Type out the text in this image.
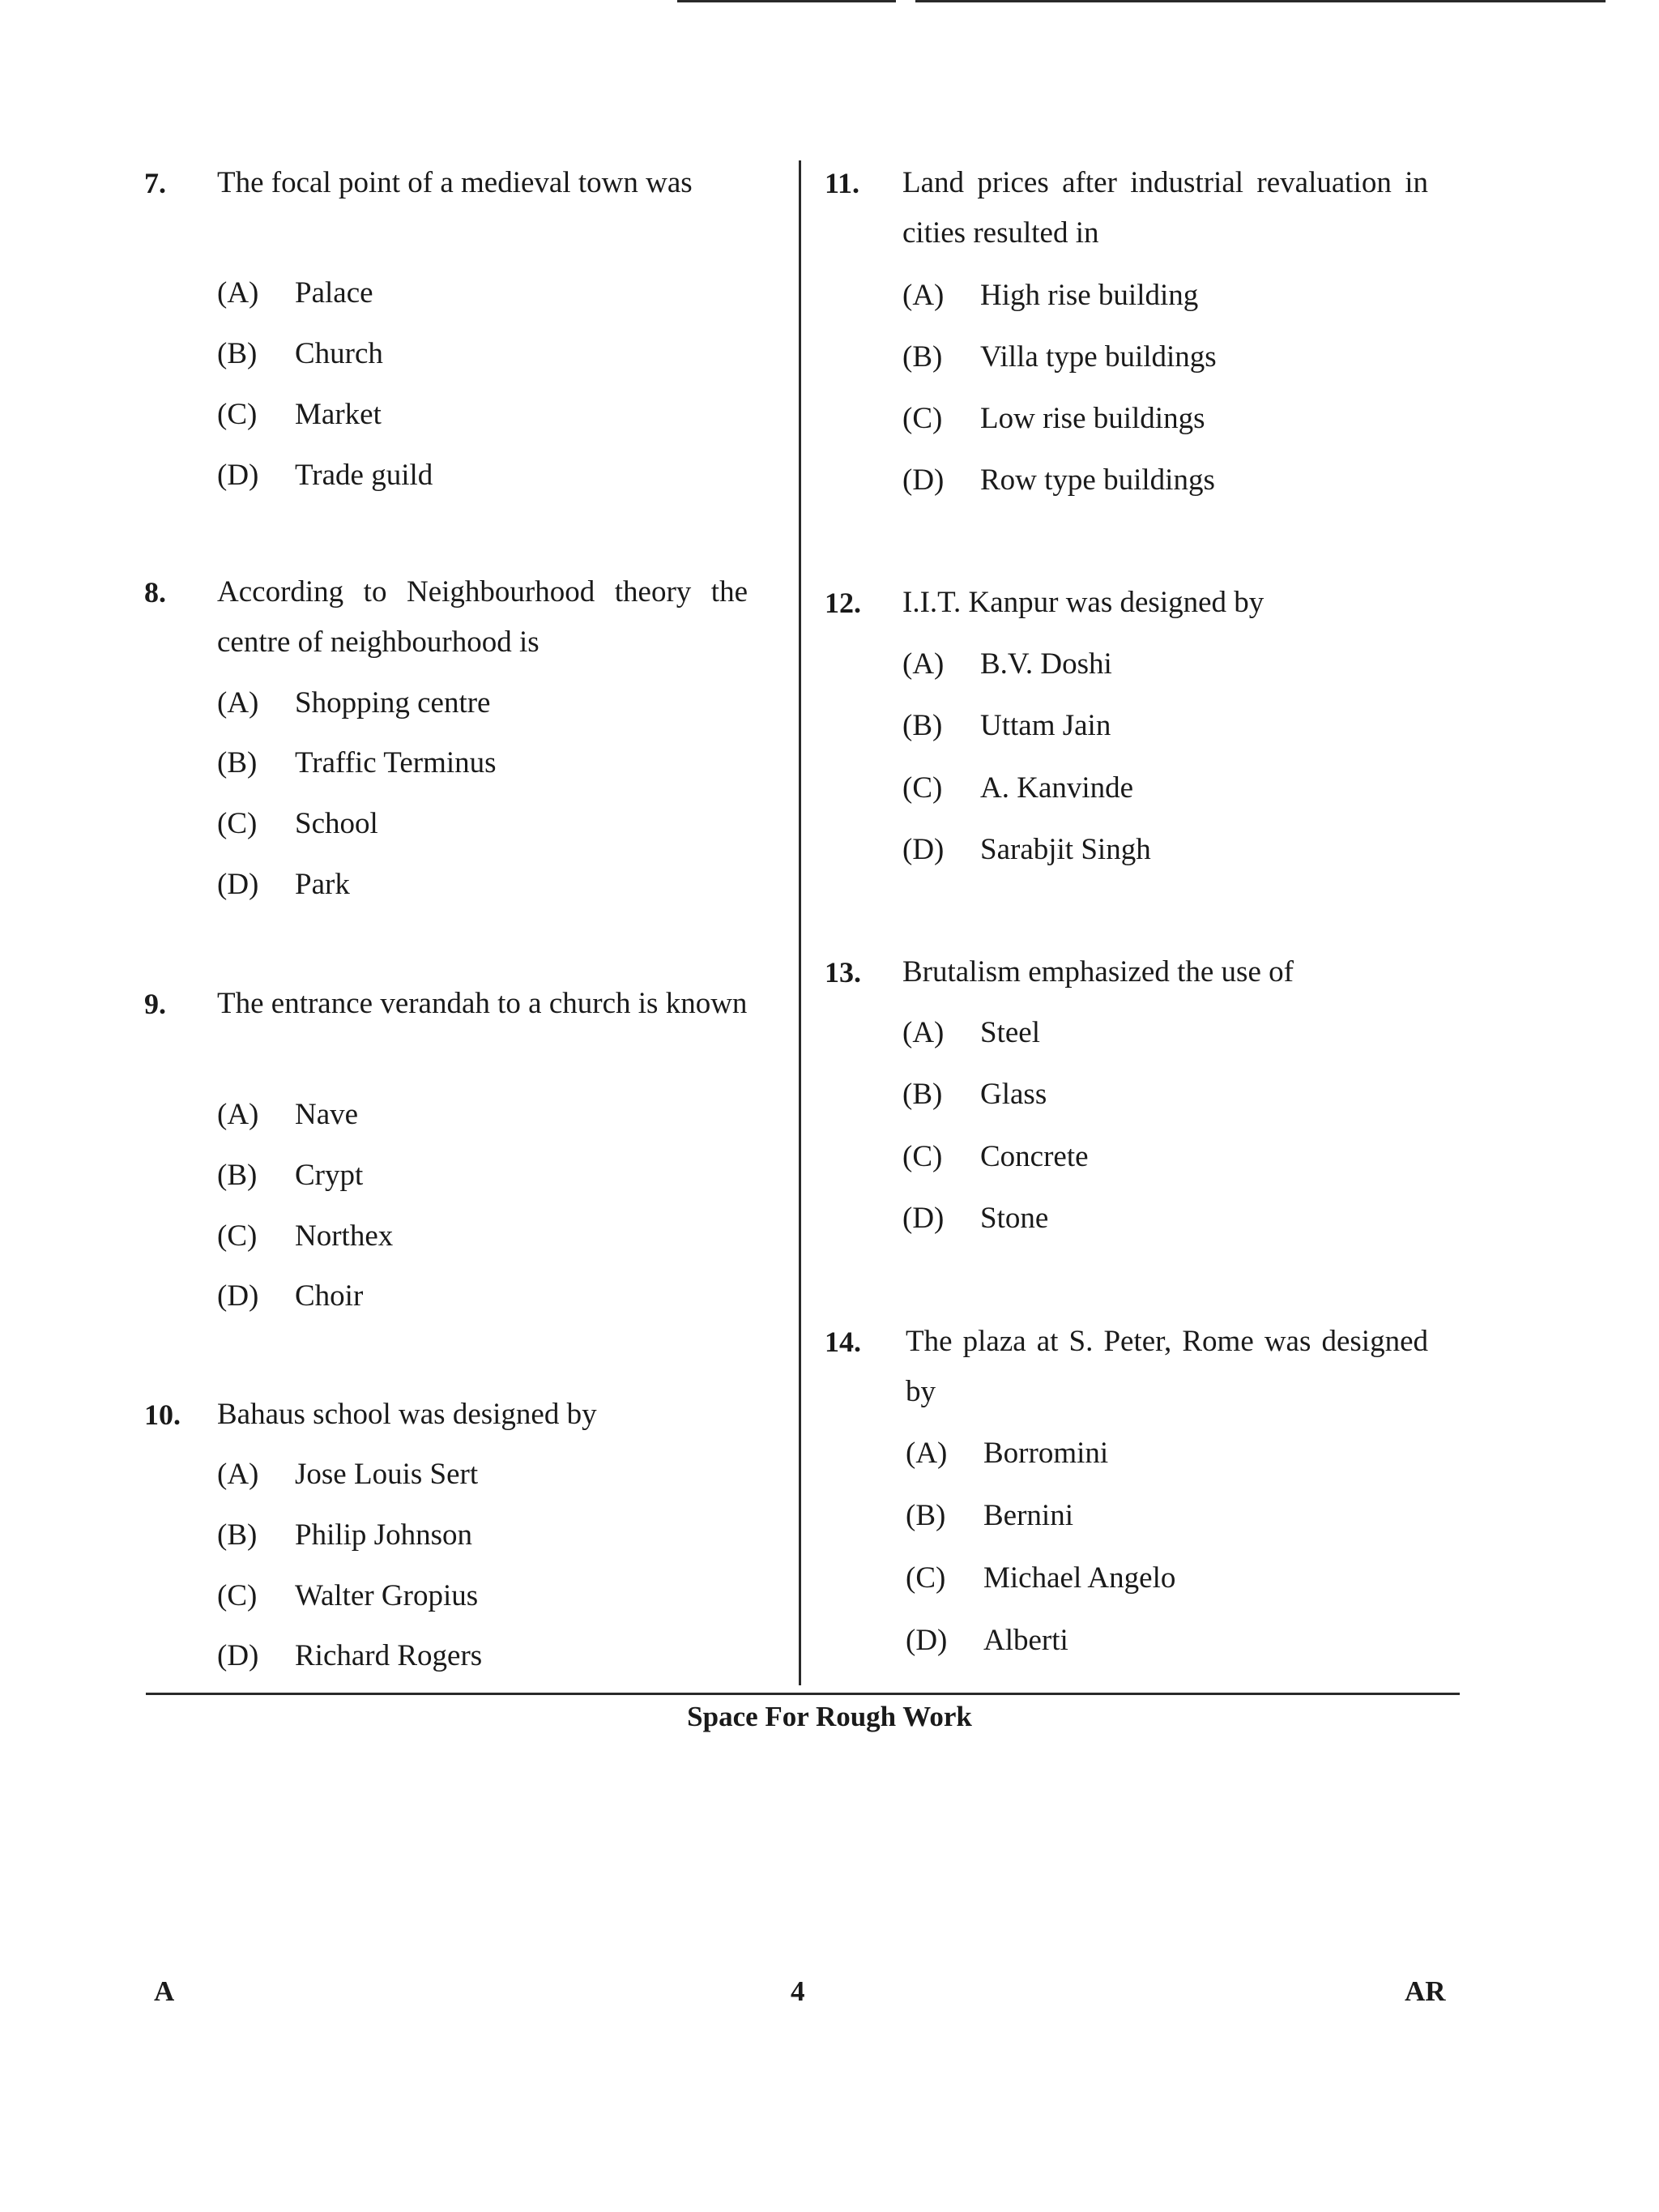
7. The focal point of a medieval town was
(A) Palace
(B) Church
(C) Market
(D) Trade guild
8. According to Neighbourhood theory the centre of neighbourhood is
(A) Shopping centre
(B) Traffic Terminus
(C) School
(D) Park
9. The entrance verandah to a church is known
(A) Nave
(B) Crypt
(C) Northex
(D) Choir
10. Bahaus school was designed by
(A) Jose Louis Sert
(B) Philip Johnson
(C) Walter Gropius
(D) Richard Rogers
11. Land prices after industrial revaluation in cities resulted in
(A) High rise building
(B) Villa type buildings
(C) Low rise buildings
(D) Row type buildings
12. I.I.T. Kanpur was designed by
(A) B.V. Doshi
(B) Uttam Jain
(C) A. Kanvinde
(D) Sarabjit Singh
13. Brutalism emphasized the use of
(A) Steel
(B) Glass
(C) Concrete
(D) Stone
14. The plaza at S. Peter, Rome was designed by
(A) Borromini
(B) Bernini
(C) Michael Angelo
(D) Alberti
Space For Rough Work
A	4	AR
